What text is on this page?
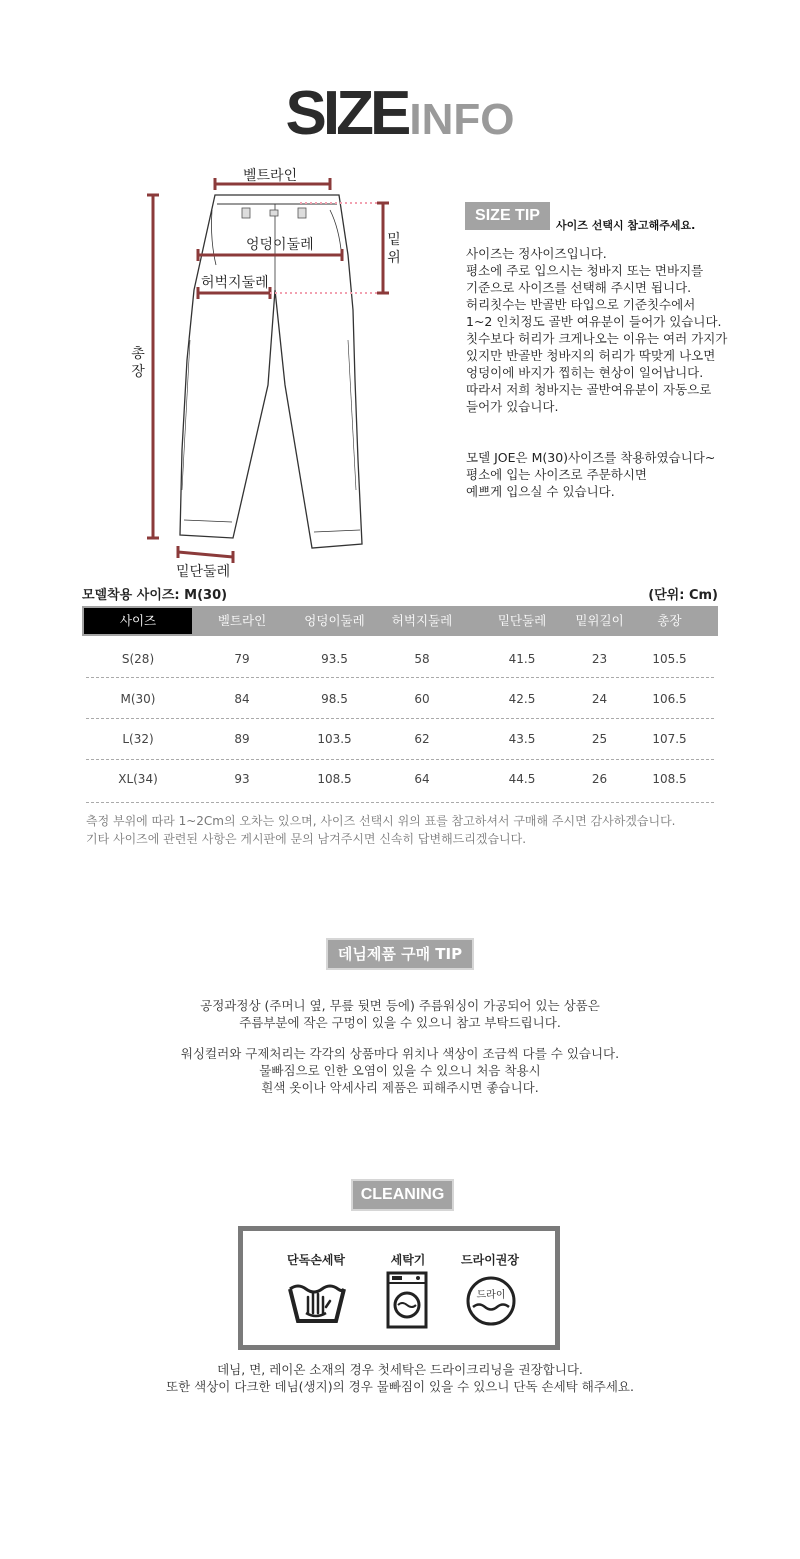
SIZEINFO
벨트라인
엉덩이둘레
허벅지둘레
밑단둘레
총
장
밑
위
SIZE TIP
사이즈 선택시 참고해주세요.
사이즈는 정사이즈입니다.
평소에 주로 입으시는 청바지 또는 면바지를
기준으로 사이즈를 선택해 주시면 됩니다.
허리칫수는 반골반 타입으로 기준칫수에서
1~2 인치정도 골반 여유분이 들어가 있습니다.
칫수보다 허리가 크게나오는 이유는 여러 가지가
있지만 반골반 청바지의 허리가 딱맞게 나오면
엉덩이에 바지가 찝히는 현상이 일어납니다.
따라서 저희 청바지는 골반여유분이 자동으로
들어가 있습니다.
모델 JOE은 M(30)사이즈를 착용하였습니다~
평소에 입는 사이즈로 주문하시면
예쁘게 입으실 수 있습니다.
모델착용 사이즈: M(30)	(단위: Cm)
사이즈	벨트라인	엉덩이둘레	허벅지둘레	밑단둘레	밑위길이	총장
S(28)	79	93.5	58	41.5	23	105.5
M(30)	84	98.5	60	42.5	24	106.5
L(32)	89	103.5	62	43.5	25	107.5
XL(34)	93	108.5	64	44.5	26	108.5
측정 부위에 따라 1~2Cm의 오차는 있으며, 사이즈 선택시 위의 표를 참고하셔서 구매해 주시면 감사하겠습니다.
기타 사이즈에 관련된 사항은 게시판에 문의 남겨주시면 신속히 답변해드리겠습니다.
데님제품 구매 TIP
공정과정상 (주머니 옆, 무릎 뒷면 등에) 주름워싱이 가공되어 있는 상품은
주름부분에 작은 구멍이 있을 수 있으니 참고 부탁드립니다.
워싱컬러와 구제처리는 각각의 상품마다 위치나 색상이 조금씩 다를 수 있습니다.
물빠짐으로 인한 오염이 있을 수 있으니 처음 착용시
흰색 옷이나 악세사리 제품은 피해주시면 좋습니다.
CLEANING
단독손세탁	세탁기	드라이권장
드라이
데님, 면, 레이온 소재의 경우 첫세탁은 드라이크리닝을 권장합니다.
또한 색상이 다크한 데님(생지)의 경우 물빠짐이 있을 수 있으니 단독 손세탁 해주세요.
